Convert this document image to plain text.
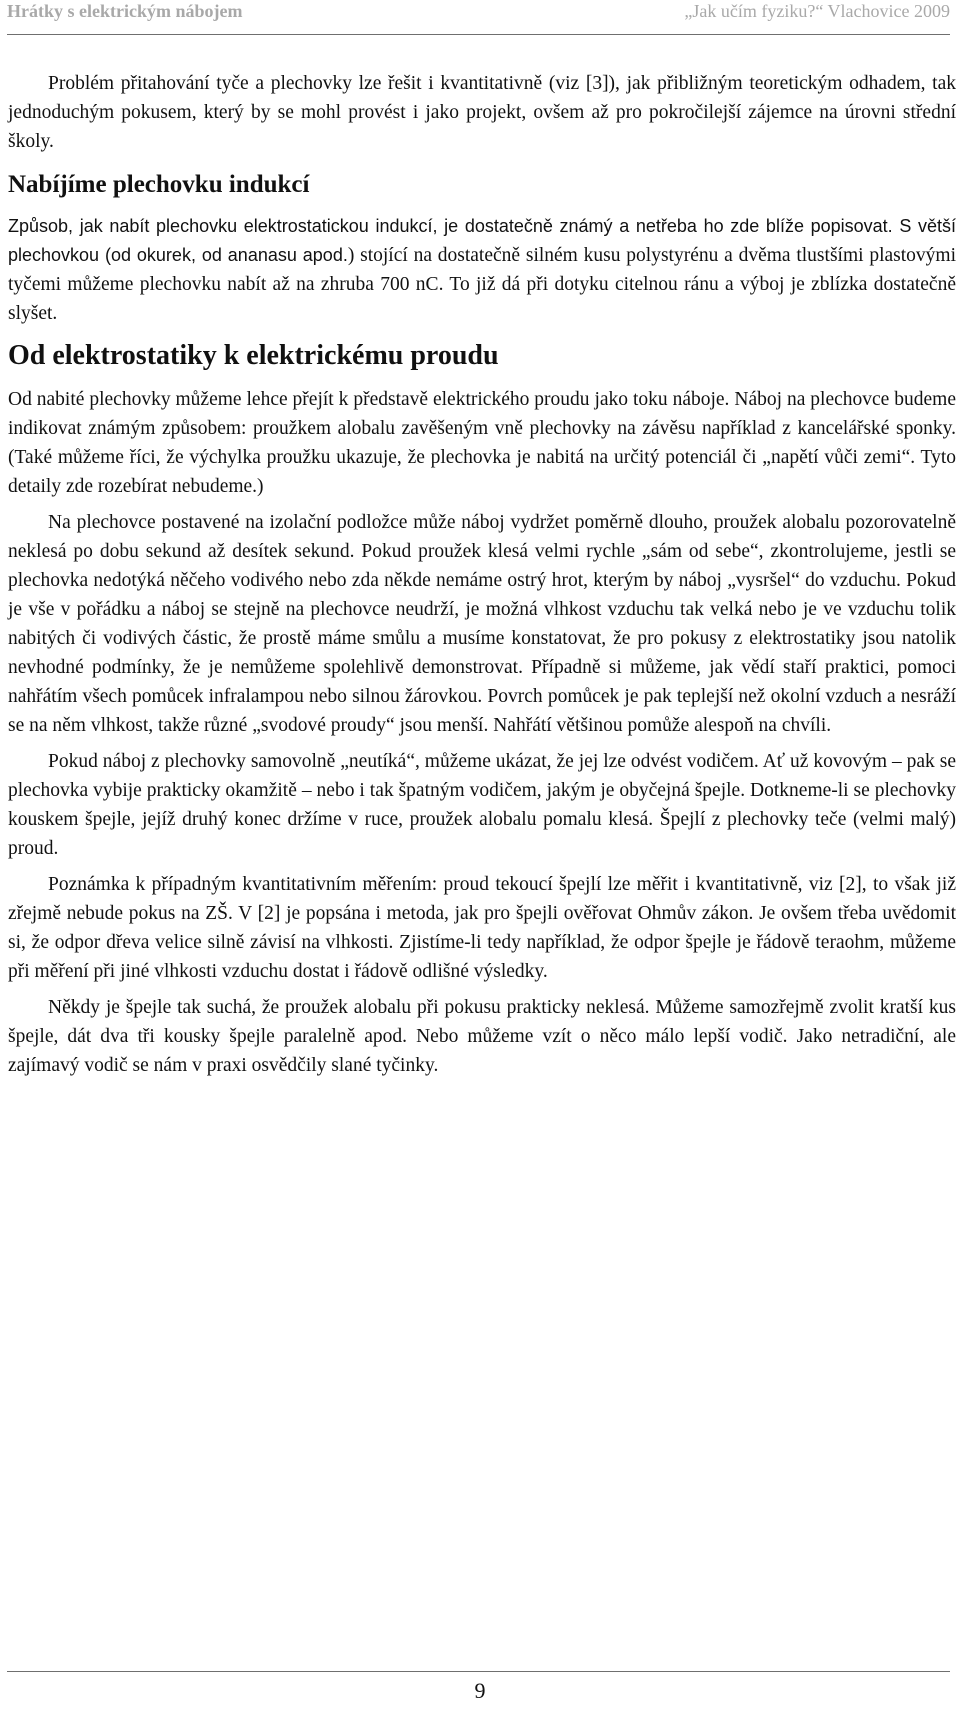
Hrátky s elektrickým nábojem	„Jak učím fyziku?“ Vlachovice 2009

Problém přitahování tyče a plechovky lze řešit i kvantitativně (viz [3]), jak přibližným teoretickým odhadem, tak jednoduchým pokusem, který by se mohl provést i jako projekt, ovšem až pro pokročilejší zájemce na úrovni střední školy.

Nabíjíme plechovku indukcí

Způsob, jak nabít plechovku elektrostatickou indukcí, je dostatečně známý a netřeba ho zde blíže popisovat. S větší plechovkou (od okurek, od ananasu apod.) stojící na dostatečně silném kusu polystyrénu a dvěma tlustšími plastovými tyčemi můžeme plechovku nabít až na zhruba 700 nC. To již dá při dotyku citelnou ránu a výboj je zblízka dostatečně slyšet.

Od elektrostatiky k elektrickému proudu

Od nabité plechovky můžeme lehce přejít k představě elektrického proudu jako toku náboje. Náboj na plechovce budeme indikovat známým způsobem: proužkem alobalu zavěšeným vně plechovky na závěsu například z kancelářské sponky. (Také můžeme říci, že výchylka proužku ukazuje, že plechovka je nabitá na určitý potenciál či „napětí vůči zemi“. Tyto detaily zde rozebírat nebudeme.)

Na plechovce postavené na izolační podložce může náboj vydržet poměrně dlouho, proužek alobalu pozorovatelně neklesá po dobu sekund až desítek sekund. Pokud proužek klesá velmi rychle „sám od sebe“, zkontrolujeme, jestli se plechovka nedotýká něčeho vodivého nebo zda někde nemáme ostrý hrot, kterým by náboj „vysršel“ do vzduchu. Pokud je vše v pořádku a náboj se stejně na plechovce neudrží, je možná vlhkost vzduchu tak velká nebo je ve vzduchu tolik nabitých či vodivých částic, že prostě máme smůlu a musíme konstatovat, že pro pokusy z elektrostatiky jsou natolik nevhodné podmínky, že je nemůžeme spolehlivě demonstrovat. Případně si můžeme, jak vědí staří praktici, pomoci nahřátím všech pomůcek infralampou nebo silnou žárovkou. Povrch pomůcek je pak teplejší než okolní vzduch a nesráží se na něm vlhkost, takže různé „svodové proudy“ jsou menší. Nahřátí většinou pomůže alespoň na chvíli.

Pokud náboj z plechovky samovolně „neutíká“, můžeme ukázat, že jej lze odvést vodičem. Ať už kovovým – pak se plechovka vybije prakticky okamžitě – nebo i tak špatným vodičem, jakým je obyčejná špejle. Dotkneme-li se plechovky kouskem špejle, jejíž druhý konec držíme v ruce, proužek alobalu pomalu klesá. Špejlí z plechovky teče (velmi malý) proud.

Poznámka k případným kvantitativním měřením: proud tekoucí špejlí lze měřit i kvantitativně, viz [2], to však již zřejmě nebude pokus na ZŠ. V [2] je popsána i metoda, jak pro špejli ověřovat Ohmův zákon. Je ovšem třeba uvědomit si, že odpor dřeva velice silně závisí na vlhkosti. Zjistíme-li tedy například, že odpor špejle je řádově teraohm, můžeme při měření při jiné vlhkosti vzduchu dostat i řádově odlišné výsledky.

Někdy je špejle tak suchá, že proužek alobalu při pokusu prakticky neklesá. Můžeme samozřejmě zvolit kratší kus špejle, dát dva tři kousky špejle paralelně apod. Nebo můžeme vzít o něco málo lepší vodič. Jako netradiční, ale zajímavý vodič se nám v praxi osvědčily slané tyčinky.

9
